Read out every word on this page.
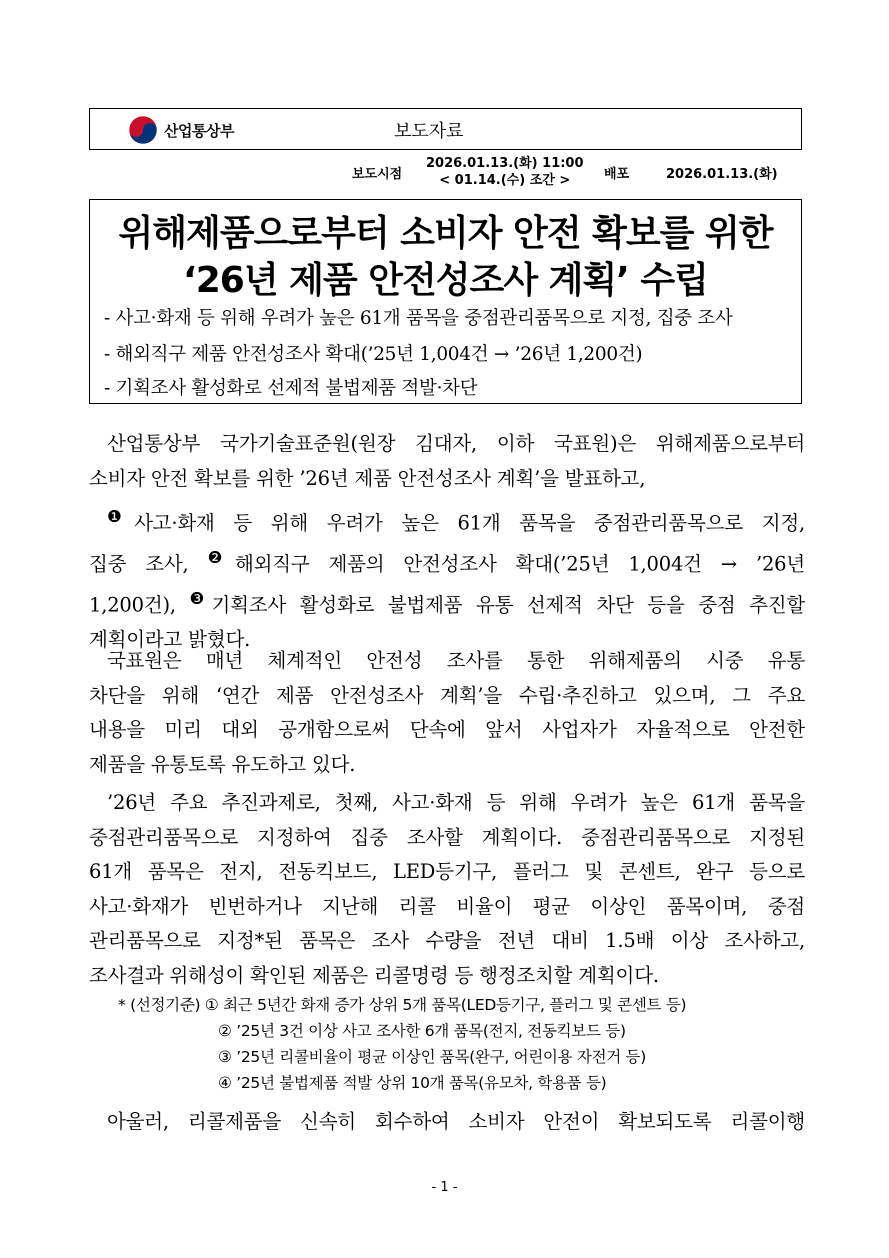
산업통상부	보도자료
보도시점
2026.01.13.(화) 11:00
< 01.14.(수) 조간 >	배포	2026.01.13.(화)
위해제품으로부터 소비자 안전 확보를 위한
‘26년 제품 안전성조사 계획’ 수립
- 사고·화재 등 위해 우려가 높은 61개 품목을 중점관리품목으로 지정, 집중 조사
- 해외직구 제품 안전성조사 확대(’25년 1,004건 → ’26년 1,200건)
- 기획조사 활성화로 선제적 불법제품 적발·차단
산업통상부 국가기술표준원(원장 김대자, 이하 국표원)은 위해제품으로부터
소비자 안전 확보를 위한 ’26년 제품 안전성조사 계획’을 발표하고,
$^❶$사고·화재 등 위해 우려가 높은 61개 품목을 중점관리품목으로 지정,
집중 조사, $^❷$해외직구 제품의 안전성조사 확대(’25년 1,004건 → ’26년
1,200건), $^❸$기획조사 활성화로 불법제품 유통 선제적 차단 등을 중점 추진할
계획이라고 밝혔다.
국표원은 매년 체계적인 안전성 조사를 통한 위해제품의 시중 유통
차단을 위해 ‘연간 제품 안전성조사 계획’을 수립·추진하고 있으며, 그 주요
내용을 미리 대외 공개함으로써 단속에 앞서 사업자가 자율적으로 안전한
제품을 유통토록 유도하고 있다.
’26년 주요 추진과제로, 첫째, 사고·화재 등 위해 우려가 높은 61개 품목을
중점관리품목으로 지정하여 집중 조사할 계획이다. 중점관리품목으로 지정된
61개 품목은 전지, 전동킥보드, LED등기구, 플러그 및 콘센트, 완구 등으로
사고·화재가 빈번하거나 지난해 리콜 비율이 평균 이상인 품목이며, 중점
관리품목으로 지정*된 품목은 조사 수량을 전년 대비 1.5배 이상 조사하고,
조사결과 위해성이 확인된 제품은 리콜명령 등 행정조치할 계획이다.
* (선정기준) ① 최근 5년간 화재 증가 상위 5개 품목(LED등기구, 플러그 및 콘센트 등)
② ’25년 3건 이상 사고 조사한 6개 품목(전지, 전동킥보드 등)
③ ’25년 리콜비율이 평균 이상인 품목(완구, 어린이용 자전거 등)
④ ’25년 불법제품 적발 상위 10개 품목(유모차, 학용품 등)
아울러, 리콜제품을 신속히 회수하여 소비자 안전이 확보되도록 리콜이행
- 1 -
